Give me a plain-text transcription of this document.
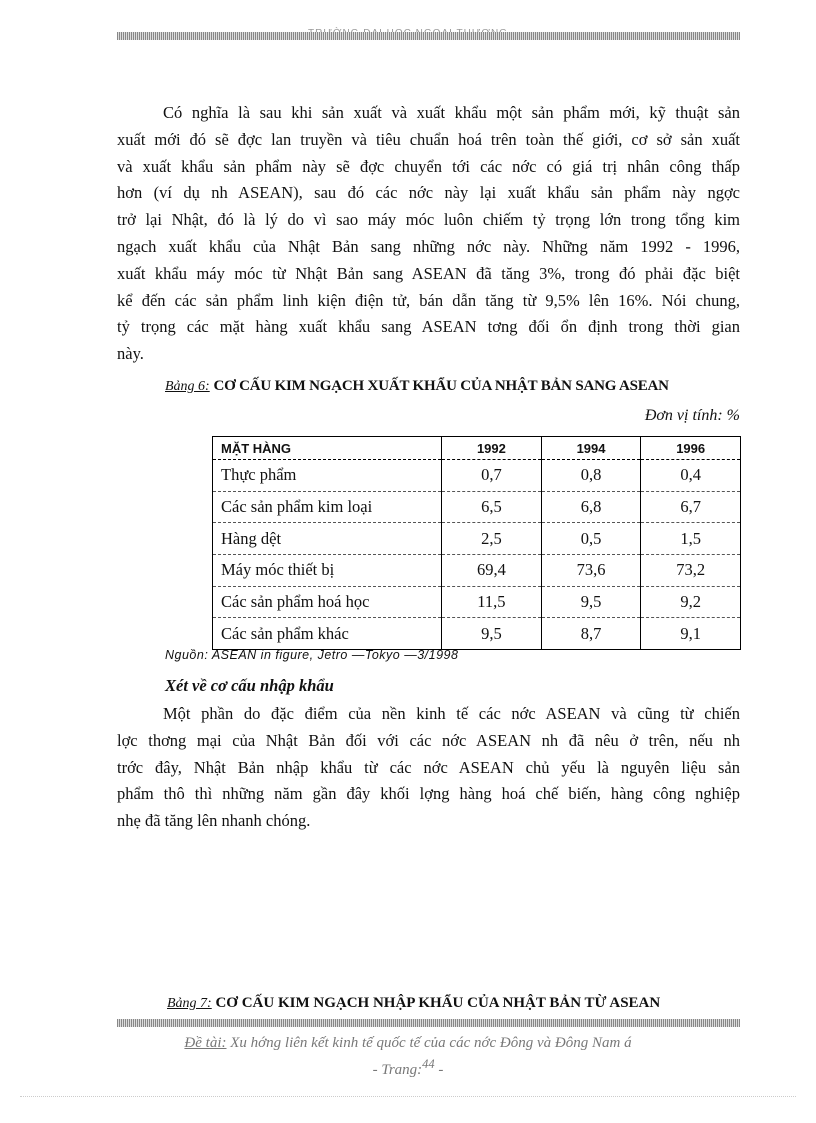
Có nghĩa là sau khi sản xuất và xuất khẩu một sản phẩm mới, kỹ thuật sản
xuất mới đó sẽ đợc lan truyền và tiêu chuẩn hoá trên toàn thế giới, cơ sở sản xuất
và xuất khẩu sản phẩm này sẽ đợc chuyển tới các nớc có giá trị nhân công thấp
hơn (ví dụ nh ASEAN), sau đó các nớc này lại xuất khẩu sản phẩm này ngợc
trở lại Nhật, đó là lý do vì sao máy móc luôn chiếm tỷ trọng lớn trong tổng kim
ngạch xuất khẩu của Nhật Bản sang những nớc này. Những năm 1992 - 1996,
xuất khẩu máy móc từ Nhật Bản sang ASEAN đã tăng 3%, trong đó phải đặc biệt
kể đến các sản phẩm linh kiện điện tử, bán dẫn tăng từ 9,5% lên 16%. Nói chung,
tỷ trọng các mặt hàng xuất khẩu sang ASEAN tơng đối ổn định trong thời gian
này.
Bảng 6: CƠ CẤU KIM NGẠCH XUẤT KHẨU CỦA NHẬT BẢN SANG ASEAN
Đơn vị tính: %
MẶT HÀNG	1992	1994	1996
Thực phẩm	0,7	0,8	0,4
Các sản phẩm kim loại	6,5	6,8	6,7
Hàng dệt	2,5	0,5	1,5
Máy móc thiết bị	69,4	73,6	73,2
Các sản phẩm hoá học	11,5	9,5	9,2
Các sản phẩm khác	9,5	8,7	9,1
Nguồn: ASEAN in figure, Jetro —Tokyo —3/1998
Xét về cơ cấu nhập khẩu
Một phần do đặc điểm của nền kinh tế các nớc ASEAN và cũng từ chiến
lợc thơng mại của Nhật Bản đối với các nớc ASEAN nh đã nêu ở trên, nếu nh
trớc đây, Nhật Bản nhập khẩu từ các nớc ASEAN chủ yếu là nguyên liệu sản
phẩm thô thì những năm gần đây khối lợng hàng hoá chế biến, hàng công nghiệp
nhẹ đã tăng lên nhanh chóng.
Bảng 7: CƠ CẤU KIM NGẠCH NHẬP KHẨU CỦA NHẬT BẢN TỪ ASEAN
Đề tài: Xu hớng liên kết kinh tế quốc tế của các nớc Đông và Đông Nam á
- Trang:$^{44}$ -
